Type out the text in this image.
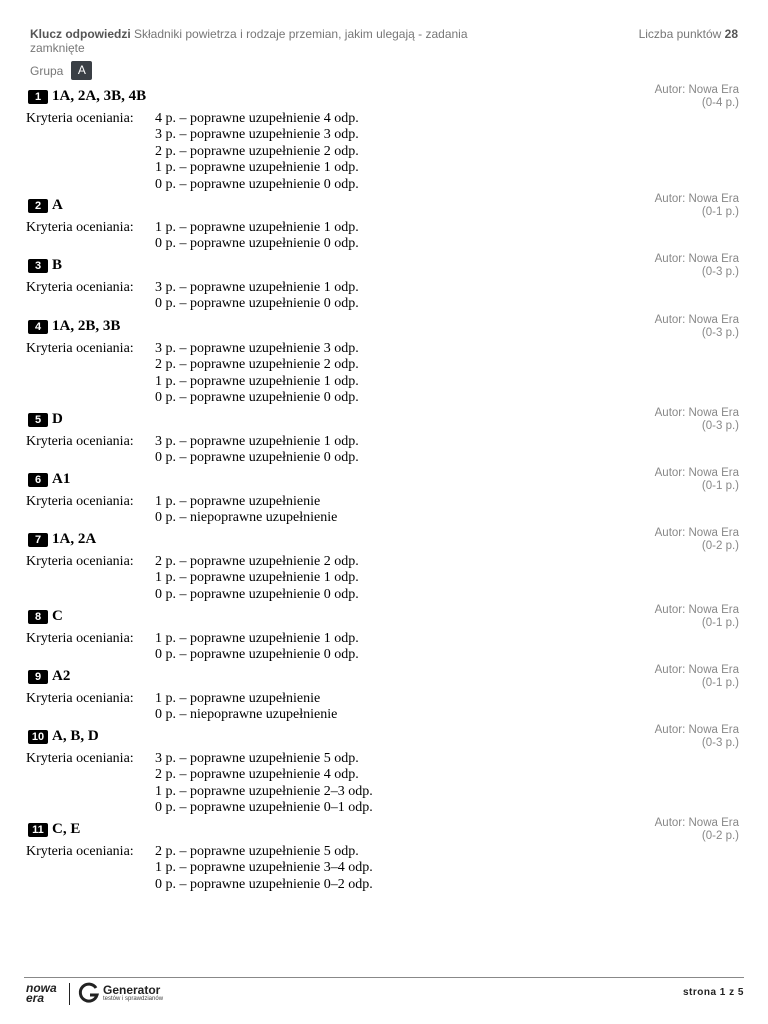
Klucz odpowiedzi Składniki powietrza i rodzaje przemian, jakim ulegają - zadania zamknięte
Liczba punktów 28
Grupa	A
1 1A, 2A, 3B, 4B	Autor: Nowa Era
(0-4 p.)
Kryteria oceniania: 4 p. – poprawne uzupełnienie 4 odp.
3 p. – poprawne uzupełnienie 3 odp.
2 p. – poprawne uzupełnienie 2 odp.
1 p. – poprawne uzupełnienie 1 odp.
0 p. – poprawne uzupełnienie 0 odp.
2 A	Autor: Nowa Era
(0-1 p.)
Kryteria oceniania: 1 p. – poprawne uzupełnienie 1 odp.
0 p. – poprawne uzupełnienie 0 odp.
3 B	Autor: Nowa Era
(0-3 p.)
Kryteria oceniania: 3 p. – poprawne uzupełnienie 1 odp.
0 p. – poprawne uzupełnienie 0 odp.
4 1A, 2B, 3B	Autor: Nowa Era
(0-3 p.)
Kryteria oceniania: 3 p. – poprawne uzupełnienie 3 odp.
2 p. – poprawne uzupełnienie 2 odp.
1 p. – poprawne uzupełnienie 1 odp.
0 p. – poprawne uzupełnienie 0 odp.
5 D	Autor: Nowa Era
(0-3 p.)
Kryteria oceniania: 3 p. – poprawne uzupełnienie 1 odp.
0 p. – poprawne uzupełnienie 0 odp.
6 A1	Autor: Nowa Era
(0-1 p.)
Kryteria oceniania: 1 p. – poprawne uzupełnienie
0 p. – niepoprawne uzupełnienie
7 1A, 2A	Autor: Nowa Era
(0-2 p.)
Kryteria oceniania: 2 p. – poprawne uzupełnienie 2 odp.
1 p. – poprawne uzupełnienie 1 odp.
0 p. – poprawne uzupełnienie 0 odp.
8 C	Autor: Nowa Era
(0-1 p.)
Kryteria oceniania: 1 p. – poprawne uzupełnienie 1 odp.
0 p. – poprawne uzupełnienie 0 odp.
9 A2	Autor: Nowa Era
(0-1 p.)
Kryteria oceniania: 1 p. – poprawne uzupełnienie
0 p. – niepoprawne uzupełnienie
10 A, B, D	Autor: Nowa Era
(0-3 p.)
Kryteria oceniania: 3 p. – poprawne uzupełnienie 5 odp.
2 p. – poprawne uzupełnienie 4 odp.
1 p. – poprawne uzupełnienie 2–3 odp.
0 p. – poprawne uzupełnienie 0–1 odp.
11 C, E	Autor: Nowa Era
(0-2 p.)
Kryteria oceniania: 2 p. – poprawne uzupełnienie 5 odp.
1 p. – poprawne uzupełnienie 3–4 odp.
0 p. – poprawne uzupełnienie 0–2 odp.
nowa
era
Generator
testów i sprawdzianów
strona 1 z 5
